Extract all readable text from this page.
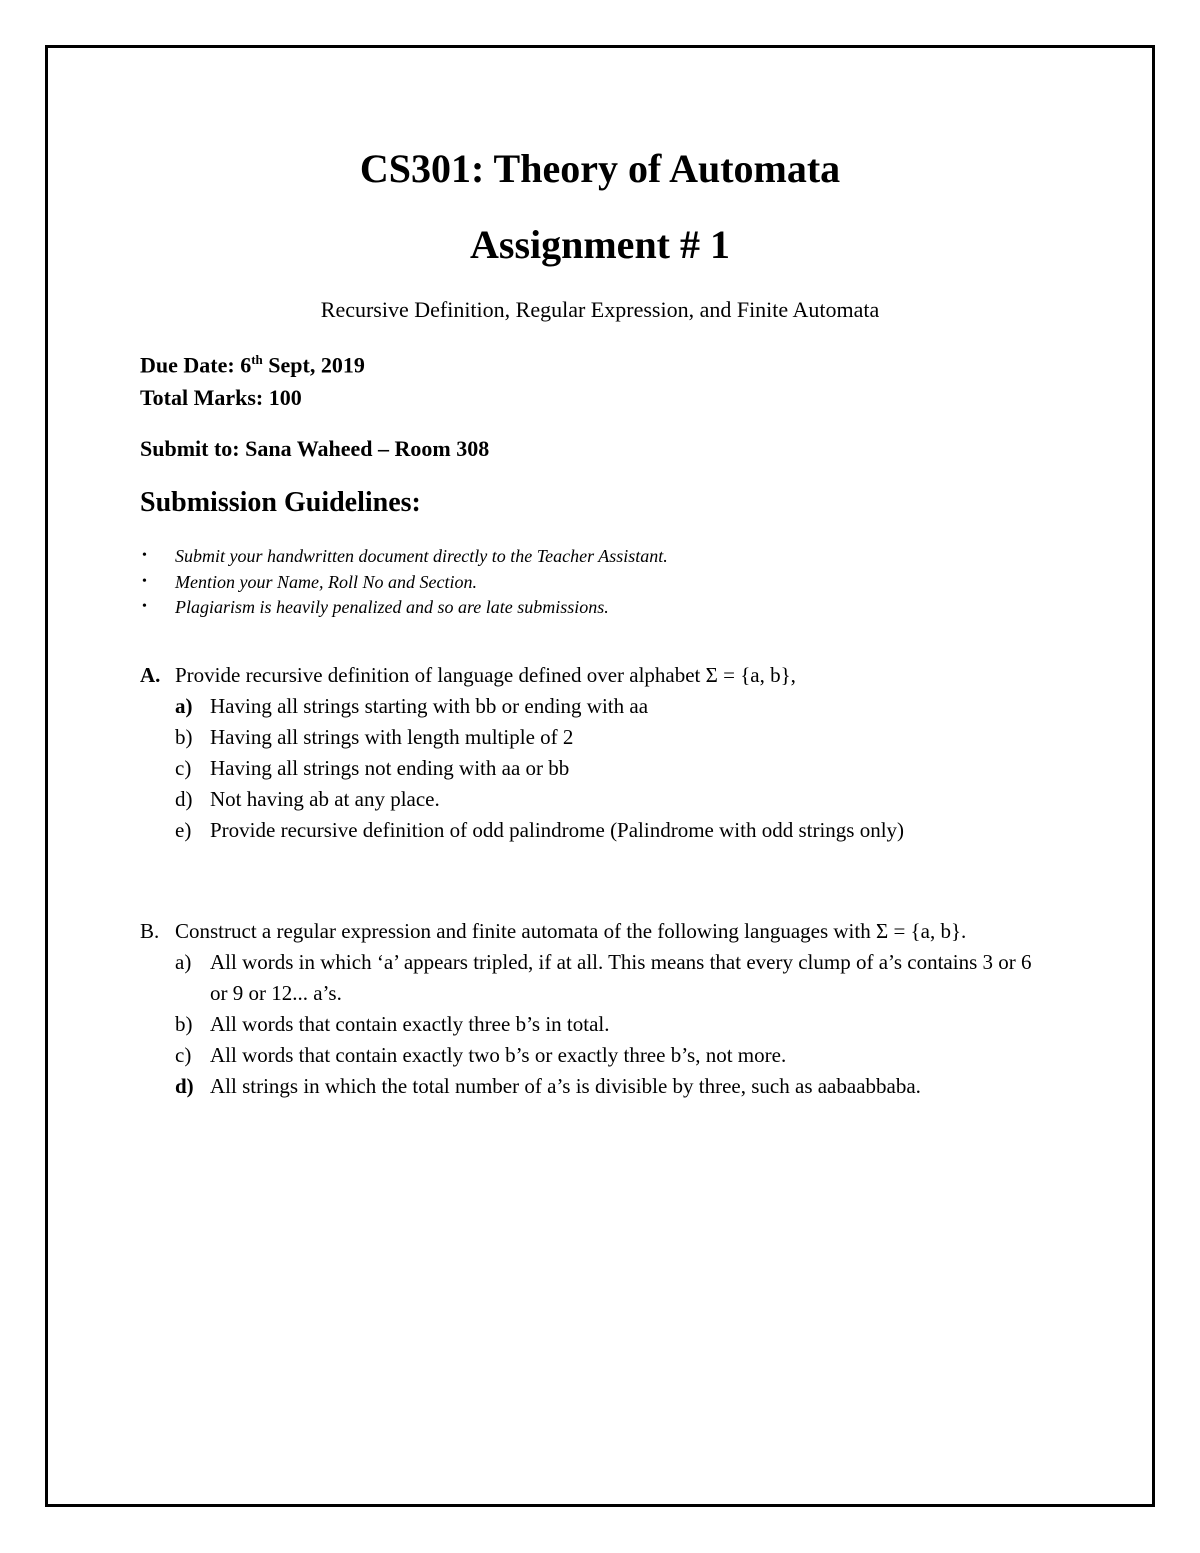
CS301: Theory of Automata
Assignment # 1

Recursive Definition, Regular Expression, and Finite Automata

Due Date: 6th Sept, 2019

Total Marks: 100

Submit to: Sana Waheed – Room 308

Submission Guidelines:
• Submit your handwritten document directly to the Teacher Assistant.
• Mention your Name, Roll No and Section.
• Plagiarism is heavily penalized and so are late submissions.
A. Provide recursive definition of language defined over alphabet Σ = {a, b},
a) Having all strings starting with bb or ending with aa
b) Having all strings with length multiple of 2
c) Having all strings not ending with aa or bb
d) Not having ab at any place.
e) Provide recursive definition of odd palindrome (Palindrome with odd strings only)
B. Construct a regular expression and finite automata of the following languages with Σ = {a, b}.
a) All words in which ‘a’ appears tripled, if at all. This means that every clump of a’s contains 3 or 6 or 9 or 12... a’s.
b) All words that contain exactly three b’s in total.
c) All words that contain exactly two b’s or exactly three b’s, not more.
d) All strings in which the total number of a’s is divisible by three, such as aabaabbaba.
